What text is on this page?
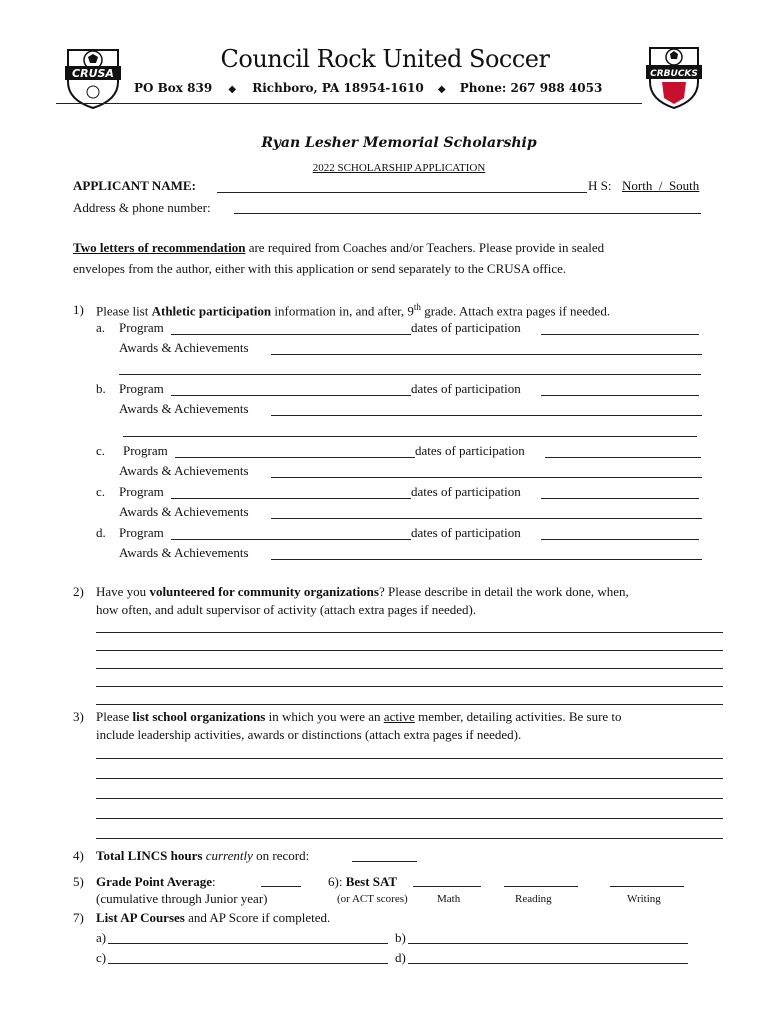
CRUSA
Council Rock United Soccer
PO Box 839 ◆ Richboro, PA 18954-1610 ◆ Phone: 267 988 4053
CRBUCKS
Ryan Lesher Memorial Scholarship
2022 SCHOLARSHIP APPLICATION
APPLICANT NAME:	H S: North  /  South
Address & phone number:
Two letters of recommendation are required from Coaches and/or Teachers. Please provide in sealed
envelopes from the author, either with this application or send separately to the CRUSA office.
1) Please list Athletic participation information in, and after, 9th grade. Attach extra pages if needed.
a. Program	dates of participation
Awards & Achievements
b. Program	dates of participation
Awards & Achievements
c. Program	dates of participation
Awards & Achievements
c. Program	dates of participation
Awards & Achievements
d. Program	dates of participation
Awards & Achievements
2) Have you volunteered for community organizations? Please describe in detail the work done, when,
how often, and adult supervisor of activity (attach extra pages if needed).
3) Please list school organizations in which you were an active member, detailing activities. Be sure to
include leadership activities, awards or distinctions (attach extra pages if needed).
4) Total LINCS hours currently on record:
5) Grade Point Average:
(cumulative through Junior year)
6): Best SAT
(or ACT scores)	Math	Reading	Writing
7) List AP Courses and AP Score if completed.
a)	b)
c)	d)
